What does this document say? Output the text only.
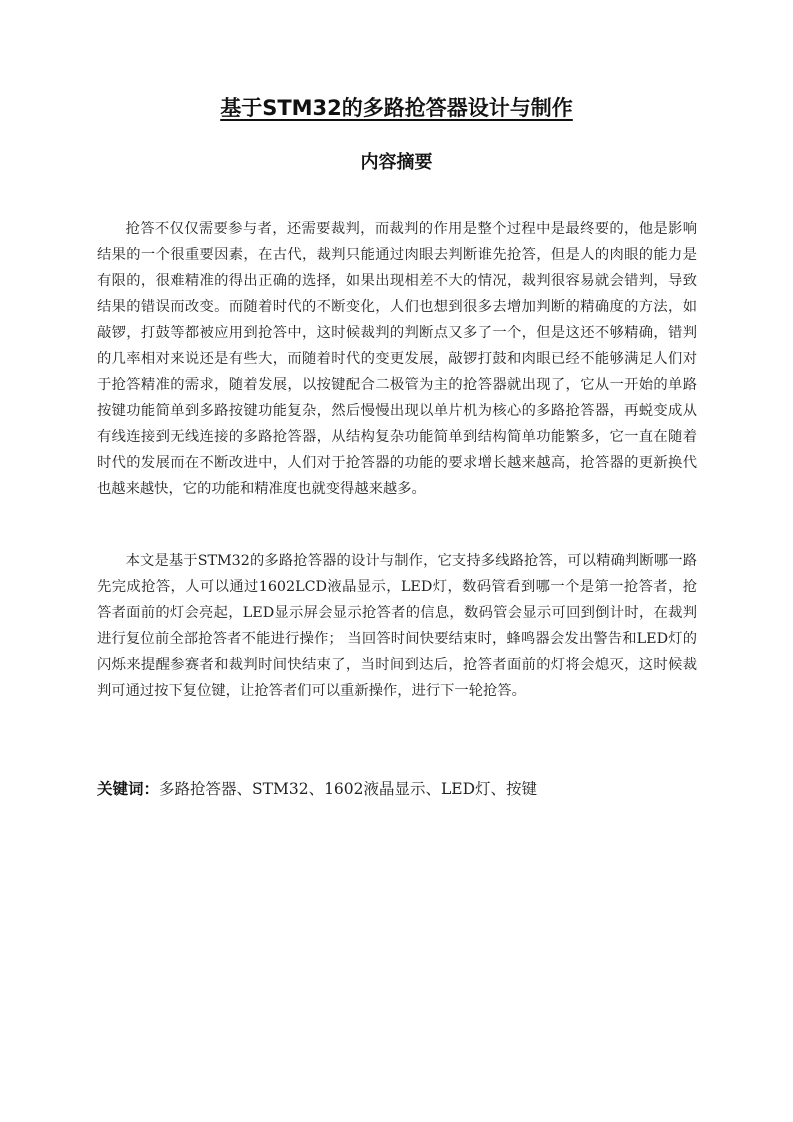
基于STM32的多路抢答器设计与制作
内容摘要

抢答不仅仅需要参与者，还需要裁判，而裁判的作用是整个过程中是最终要的，他是影响结果的一个很重要因素，在古代，裁判只能通过肉眼去判断谁先抢答，但是人的肉眼的能力是有限的，很难精准的得出正确的选择，如果出现相差不大的情况，裁判很容易就会错判，导致结果的错误而改变。而随着时代的不断变化，人们也想到很多去增加判断的精确度的方法，如敲锣，打鼓等都被应用到抢答中，这时候裁判的判断点又多了一个，但是这还不够精确，错判的几率相对来说还是有些大，而随着时代的变更发展，敲锣打鼓和肉眼已经不能够满足人们对于抢答精准的需求，随着发展，以按键配合二极管为主的抢答器就出现了，它从一开始的单路按键功能简单到多路按键功能复杂，然后慢慢出现以单片机为核心的多路抢答器，再蜕变成从有线连接到无线连接的多路抢答器，从结构复杂功能简单到结构简单功能繁多，它一直在随着时代的发展而在不断改进中，人们对于抢答器的功能的要求增长越来越高，抢答器的更新换代也越来越快，它的功能和精准度也就变得越来越多。

本文是基于STM32的多路抢答器的设计与制作，它支持多线路抢答，可以精确判断哪一路先完成抢答，人可以通过1602LCD液晶显示，LED灯，数码管看到哪一个是第一抢答者，抢答者面前的灯会亮起，LED显示屏会显示抢答者的信息，数码管会显示可回到倒计时，在裁判进行复位前全部抢答者不能进行操作； 当回答时间快要结束时，蜂鸣器会发出警告和LED灯的闪烁来提醒参赛者和裁判时间快结束了，当时间到达后，抢答者面前的灯将会熄灭，这时候裁判可通过按下复位键，让抢答者们可以重新操作，进行下一轮抢答。

关键词：多路抢答器、STM32、1602液晶显示、LED灯、按键
